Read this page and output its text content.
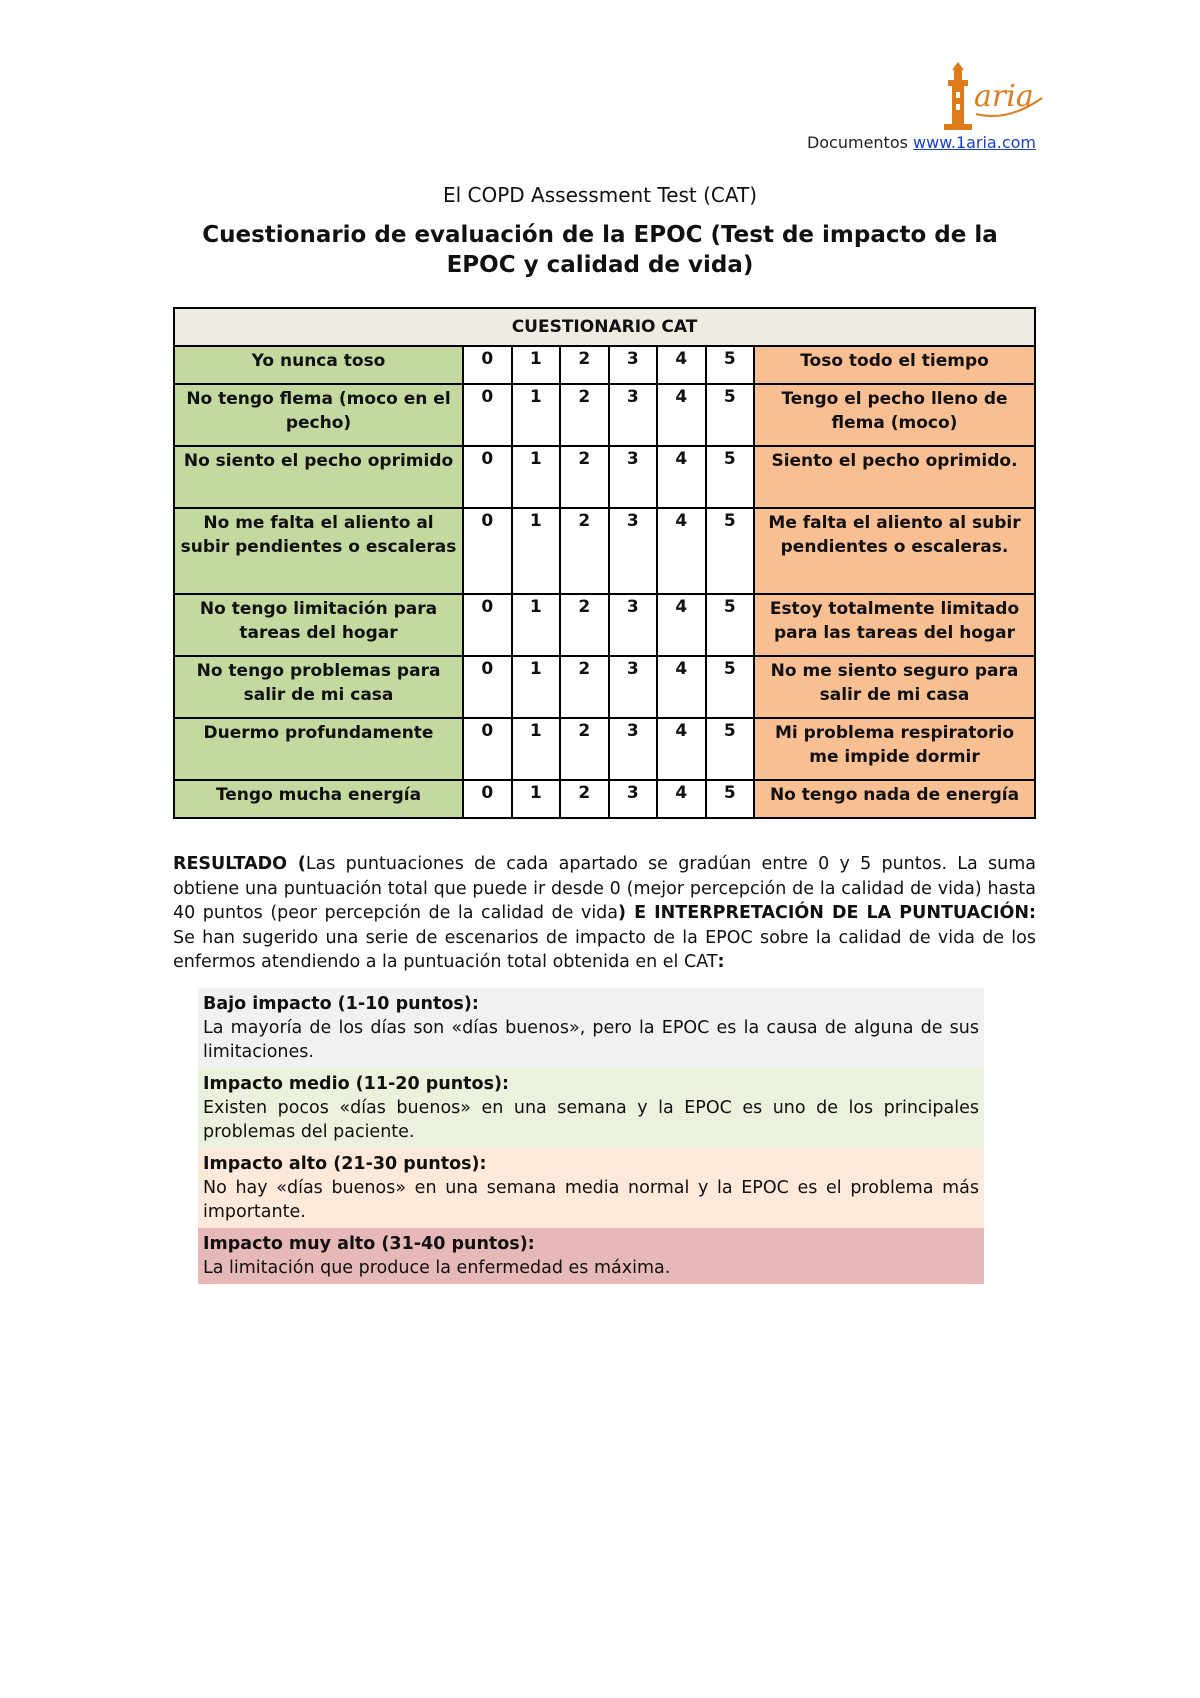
aria
Documentos www.1aria.com
El COPD Assessment Test (CAT)
Cuestionario de evaluación de la EPOC (Test de impacto de la EPOC y calidad de vida)
CUESTIONARIO CAT							
Yo nunca toso	0	1	2	3	4	5	Toso todo el tiempo
No tengo flema (moco en el pecho)	0	1	2	3	4	5	Tengo el pecho lleno de flema (moco)
No siento el pecho oprimido	0	1	2	3	4	5	Siento el pecho oprimido.
No me falta el aliento al subir pendientes o escaleras	0	1	2	3	4	5	Me falta el aliento al subir pendientes o escaleras.
No tengo limitación para tareas del hogar	0	1	2	3	4	5	Estoy totalmente limitado para las tareas del hogar
No tengo problemas para salir de mi casa	0	1	2	3	4	5	No me siento seguro para salir de mi casa
Duermo profundamente	0	1	2	3	4	5	Mi problema respiratorio me impide dormir
Tengo mucha energía	0	1	2	3	4	5	No tengo nada de energía
RESULTADO (Las puntuaciones de cada apartado se gradúan entre 0 y 5 puntos. La suma obtiene una puntuación total que puede ir desde 0 (mejor percepción de la calidad de vida) hasta 40 puntos (peor percepción de la calidad de vida) E INTERPRETACIÓN DE LA PUNTUACIÓN: Se han sugerido una serie de escenarios de impacto de la EPOC sobre la calidad de vida de los enfermos atendiendo a la puntuación total obtenida en el CAT:
Bajo impacto (1-10 puntos):
La mayoría de los días son «días buenos», pero la EPOC es la causa de alguna de sus limitaciones.
Impacto medio (11-20 puntos):
Existen pocos «días buenos» en una semana y la EPOC es uno de los principales problemas del paciente.
Impacto alto (21-30 puntos):
No hay «días buenos» en una semana media normal y la EPOC es el problema más importante.
Impacto muy alto (31-40 puntos):
La limitación que produce la enfermedad es máxima.
